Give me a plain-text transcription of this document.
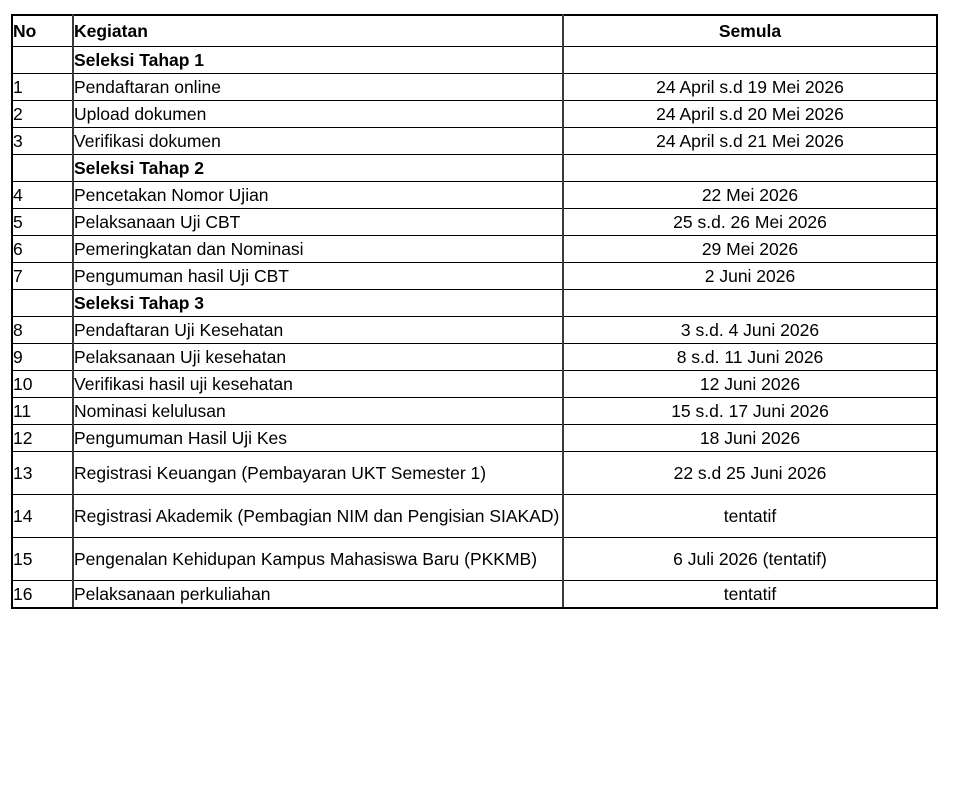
No	Kegiatan	Semula
	Seleksi Tahap 1	
1	Pendaftaran online	24 April s.d 19 Mei 2026
2	Upload dokumen	24 April s.d 20 Mei 2026
3	Verifikasi dokumen	24 April s.d 21 Mei 2026
	Seleksi Tahap 2	
4	Pencetakan Nomor Ujian	22 Mei 2026
5	Pelaksanaan Uji CBT	25 s.d. 26 Mei 2026
6	Pemeringkatan dan Nominasi	29 Mei 2026
7	Pengumuman hasil Uji CBT	2 Juni 2026
	Seleksi Tahap 3	
8	Pendaftaran Uji Kesehatan	3 s.d. 4 Juni 2026
9	Pelaksanaan Uji kesehatan	8 s.d. 11 Juni 2026
10	Verifikasi hasil uji kesehatan	12 Juni 2026
11	Nominasi kelulusan	15 s.d. 17 Juni 2026
12	Pengumuman Hasil Uji Kes	18 Juni 2026
13	Registrasi Keuangan (Pembayaran UKT Semester 1)	22 s.d 25 Juni 2026
14	Registrasi Akademik (Pembagian NIM dan Pengisian SIAKAD)	tentatif
15	Pengenalan Kehidupan Kampus Mahasiswa Baru (PKKMB)	6 Juli 2026 (tentatif)
16	Pelaksanaan perkuliahan	tentatif
